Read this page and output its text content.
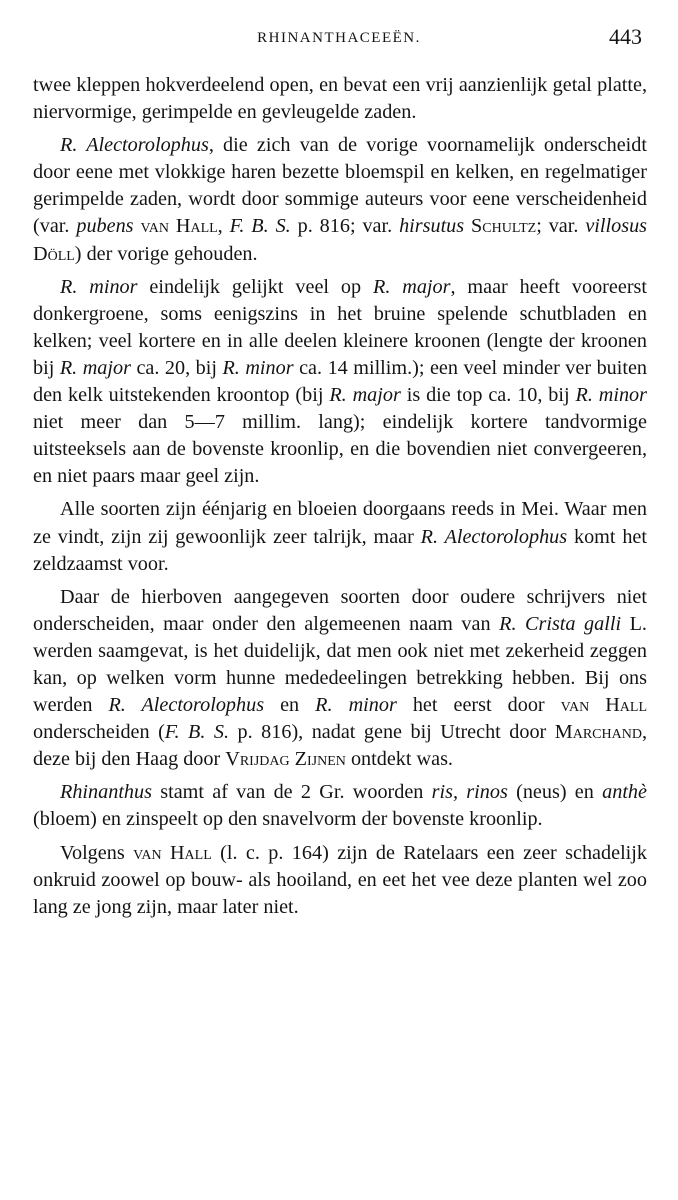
RHINANTHACEEËN.	443

twee kleppen hokverdeelend open, en bevat een vrij aanzienlijk getal platte, niervormige, gerimpelde en gevleugelde zaden.

R. Alectorolophus, die zich van de vorige voornamelijk onderscheidt door eene met vlokkige haren bezette bloemspil en kelken, en regelmatiger gerimpelde zaden, wordt door sommige auteurs voor eene verscheidenheid (var. pubens van Hall, F. B. S. p. 816; var. hirsutus Schultz; var. villosus Döll) der vorige gehouden.

R. minor eindelijk gelijkt veel op R. major, maar heeft vooreerst donkergroene, soms eenigszins in het bruine spelende schutbladen en kelken; veel kortere en in alle deelen kleinere kroonen (lengte der kroonen bij R. major ca. 20, bij R. minor ca. 14 millim.); een veel minder ver buiten den kelk uitstekenden kroontop (bij R. major is die top ca. 10, bij R. minor niet meer dan 5—7 millim. lang); eindelijk kortere tandvormige uitsteeksels aan de bovenste kroonlip, en die bovendien niet convergeeren, en niet paars maar geel zijn.

Alle soorten zijn éénjarig en bloeien doorgaans reeds in Mei. Waar men ze vindt, zijn zij gewoonlijk zeer talrijk, maar R. Alectorolophus komt het zeldzaamst voor.

Daar de hierboven aangegeven soorten door oudere schrijvers niet onderscheiden, maar onder den algemeenen naam van R. Crista galli L. werden saamgevat, is het duidelijk, dat men ook niet met zekerheid zeggen kan, op welken vorm hunne mededeelingen betrekking hebben. Bij ons werden R. Alectorolophus en R. minor het eerst door van Hall onderscheiden (F. B. S. p. 816), nadat gene bij Utrecht door Marchand, deze bij den Haag door Vrijdag Zijnen ontdekt was.

Rhinanthus stamt af van de 2 Gr. woorden ris, rinos (neus) en anthè (bloem) en zinspeelt op den snavelvorm der bovenste kroonlip.

Volgens van Hall (l. c. p. 164) zijn de Ratelaars een zeer schadelijk onkruid zoowel op bouw- als hooiland, en eet het vee deze planten wel zoo lang ze jong zijn, maar later niet.
